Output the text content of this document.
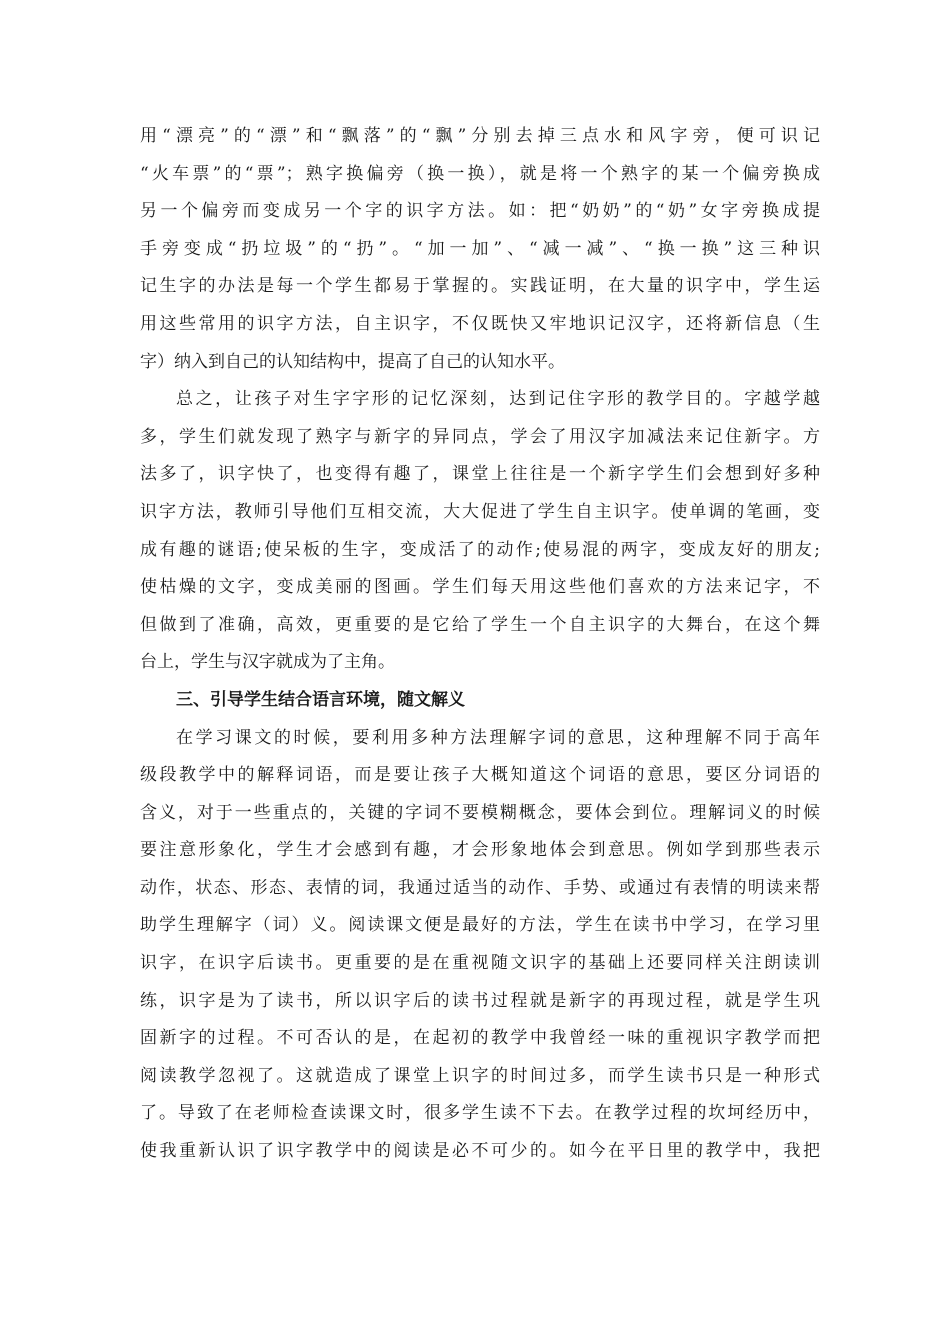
用“漂亮”的“漂”和“飘落”的“飘”分别去掉三点水和风字旁，便可识记
“火车票”的“票”；熟字换偏旁（换一换），就是将一个熟字的某一个偏旁换成
另一个偏旁而变成另一个字的识字方法。如：把“奶奶”的“奶”女字旁换成提
手旁变成“扔垃圾”的“扔”。“加一加”、“减一减”、“换一换”这三种识
记生字的办法是每一个学生都易于掌握的。实践证明，在大量的识字中，学生运
用这些常用的识字方法，自主识字，不仅既快又牢地识记汉字，还将新信息（生
字）纳入到自己的认知结构中，提高了自己的认知水平。
总之，让孩子对生字字形的记忆深刻，达到记住字形的教学目的。字越学越
多，学生们就发现了熟字与新字的异同点，学会了用汉字加减法来记住新字。方
法多了，识字快了，也变得有趣了，课堂上往往是一个新字学生们会想到好多种
识字方法，教师引导他们互相交流，大大促进了学生自主识字。使单调的笔画，变
成有趣的谜语;使呆板的生字，变成活了的动作;使易混的两字，变成友好的朋友;
使枯燥的文字，变成美丽的图画。学生们每天用这些他们喜欢的方法来记字，不
但做到了准确，高效，更重要的是它给了学生一个自主识字的大舞台，在这个舞
台上，学生与汉字就成为了主角。
三、引导学生结合语言环境，随文解义
在学习课文的时候，要利用多种方法理解字词的意思，这种理解不同于高年
级段教学中的解释词语，而是要让孩子大概知道这个词语的意思，要区分词语的
含义，对于一些重点的，关键的字词不要模糊概念，要体会到位。理解词义的时候
要注意形象化，学生才会感到有趣，才会形象地体会到意思。例如学到那些表示
动作，状态、形态、表情的词，我通过适当的动作、手势、或通过有表情的明读来帮
助学生理解字（词）义。阅读课文便是最好的方法，学生在读书中学习，在学习里
识字，在识字后读书。更重要的是在重视随文识字的基础上还要同样关注朗读训
练，识字是为了读书，所以识字后的读书过程就是新字的再现过程，就是学生巩
固新字的过程。不可否认的是，在起初的教学中我曾经一味的重视识字教学而把
阅读教学忽视了。这就造成了课堂上识字的时间过多，而学生读书只是一种形式
了。导致了在老师检查读课文时，很多学生读不下去。在教学过程的坎坷经历中，
使我重新认识了识字教学中的阅读是必不可少的。如今在平日里的教学中，我把
